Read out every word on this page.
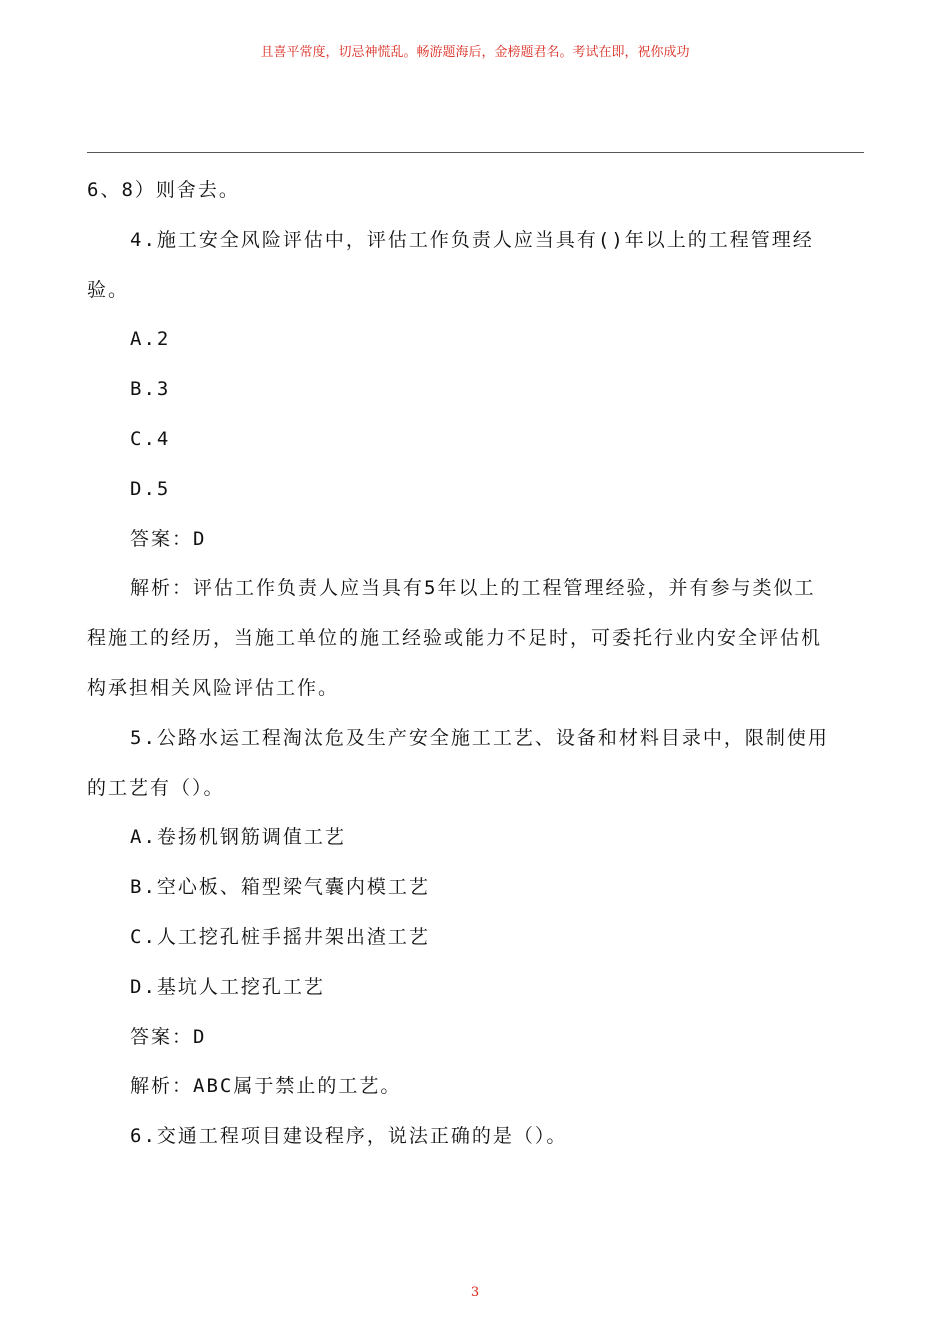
且喜平常度，切忌神慌乱。畅游题海后，金榜题君名。考试在即，祝你成功
6、8）则舍去。
4.施工安全风险评估中，评估工作负责人应当具有()年以上的工程管理经
验。
A.2
B.3
C.4
D.5
答案：D
解析：评估工作负责人应当具有5年以上的工程管理经验，并有参与类似工
程施工的经历，当施工单位的施工经验或能力不足时，可委托行业内安全评估机
构承担相关风险评估工作。
5.公路水运工程淘汰危及生产安全施工工艺、设备和材料目录中，限制使用
的工艺有（）。
A.卷扬机钢筋调值工艺
B.空心板、箱型梁气囊内模工艺
C.人工挖孔桩手摇井架出渣工艺
D.基坑人工挖孔工艺
答案：D
解析：ABC属于禁止的工艺。
6.交通工程项目建设程序，说法正确的是（）。
3
